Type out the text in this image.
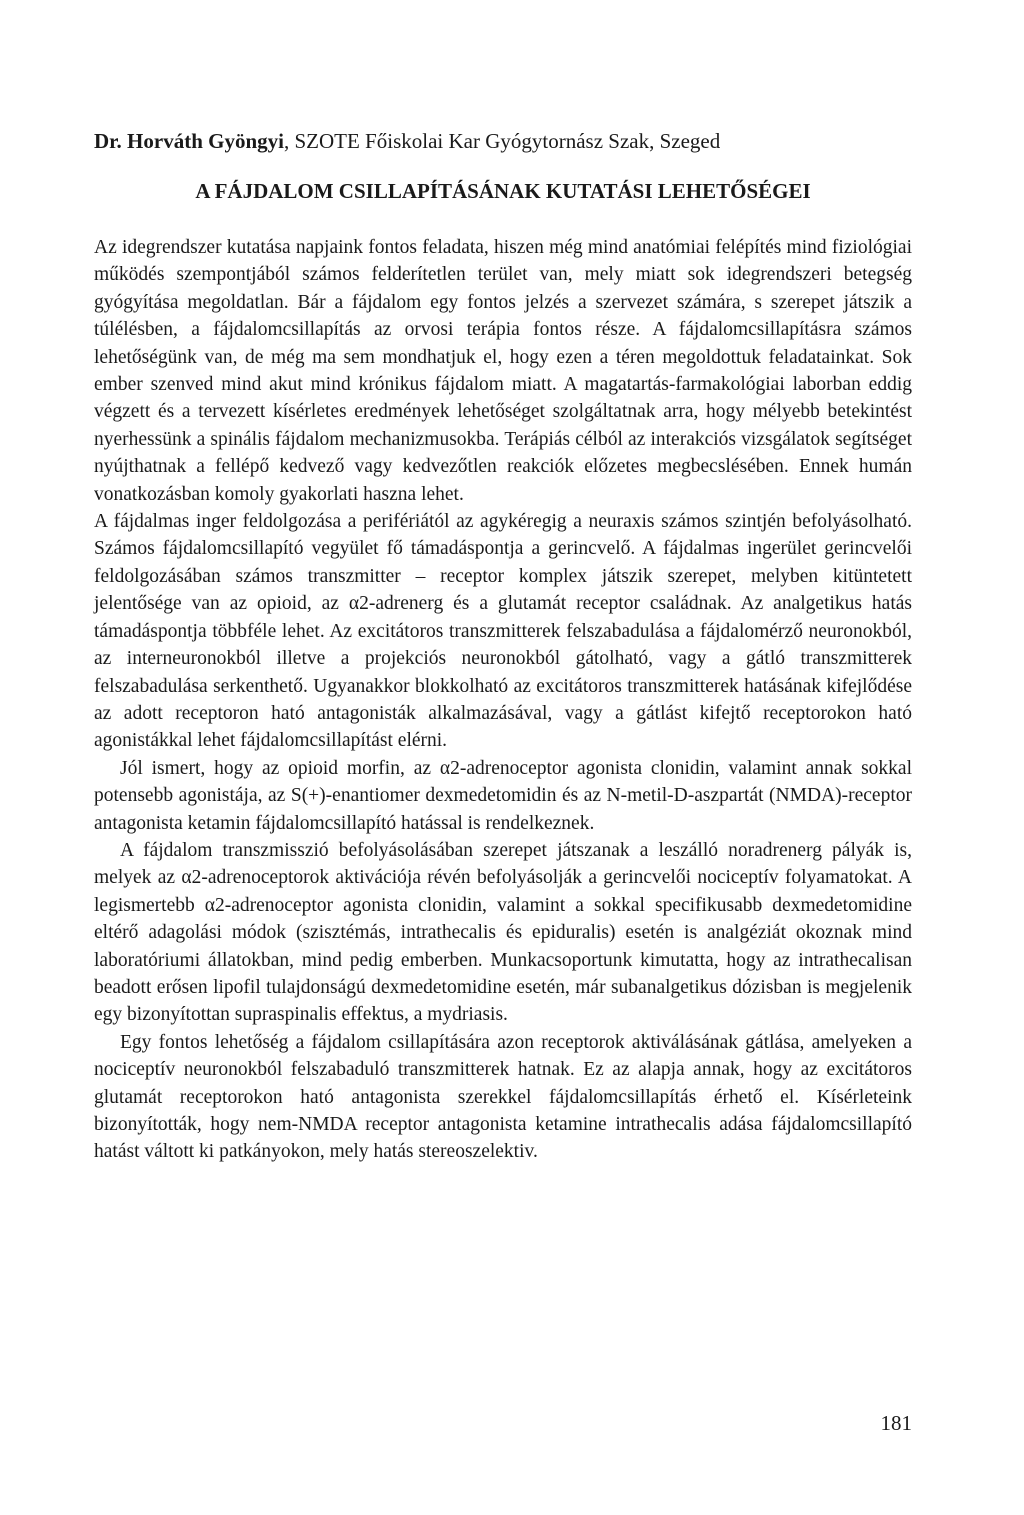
Dr. Horváth Gyöngyi, SZOTE Főiskolai Kar Gyógytornász Szak, Szeged
A FÁJDALOM CSILLAPÍTÁSÁNAK KUTATÁSI LEHETŐSÉGEI

Az idegrendszer kutatása napjaink fontos feladata, hiszen még mind anatómiai felépítés mind fiziológiai működés szempontjából számos felderítetlen terület van, mely miatt sok idegrendszeri betegség gyógyítása megoldatlan. Bár a fájdalom egy fontos jelzés a szervezet számára, s szerepet játszik a túlélésben, a fájdalomcsillapítás az orvosi terápia fontos része. A fájdalomcsillapításra számos lehetőségünk van, de még ma sem mondhatjuk el, hogy ezen a téren megoldottuk feladatainkat. Sok ember szenved mind akut mind krónikus fájdalom miatt. A magatartás-farmakológiai laborban eddig végzett és a tervezett kísérletes eredmények lehetőséget szolgáltatnak arra, hogy mélyebb betekintést nyerhessünk a spinális fájdalom mechanizmusokba. Terápiás célból az interakciós vizsgálatok segítséget nyújthatnak a fellépő kedvező vagy kedvezőtlen reakciók előzetes megbecslésében. Ennek humán vonatkozásban komoly gyakorlati haszna lehet.

A fájdalmas inger feldolgozása a perifériától az agykéregig a neuraxis számos szintjén befolyásolható. Számos fájdalomcsillapító vegyület fő támadáspontja a gerincvelő. A fájdalmas ingerület gerincvelői feldolgozásában számos transzmitter – receptor komplex játszik szerepet, melyben kitüntetett jelentősége van az opioid, az α2-adrenerg és a glutamát receptor családnak. Az analgetikus hatás támadáspontja többféle lehet. Az excitátoros transzmitterek felszabadulása a fájdalomérző neuronokból, az interneuronokból illetve a projekciós neuronokból gátolható, vagy a gátló transzmitterek felszabadulása serkenthető. Ugyanakkor blokkolható az excitátoros transzmitterek hatásának kifejlődése az adott receptoron ható antagonisták alkalmazásával, vagy a gátlást kifejtő receptorokon ható agonistákkal lehet fájdalomcsillapítást elérni.

Jól ismert, hogy az opioid morfin, az α2-adrenoceptor agonista clonidin, valamint annak sokkal potensebb agonistája, az S(+)-enantiomer dexmedetomidin és az N-metil-D-aszpartát (NMDA)-receptor antagonista ketamin fájdalomcsillapító hatással is rendelkeznek.

A fájdalom transzmisszió befolyásolásában szerepet játszanak a leszálló noradrenerg pályák is, melyek az α2-adrenoceptorok aktivációja révén befolyásolják a gerincvelői nociceptív folyamatokat. A legismertebb α2-adrenoceptor agonista clonidin, valamint a sokkal specifikusabb dexmedetomidine eltérő adagolási módok (szisztémás, intrathecalis és epiduralis) esetén is analgéziát okoznak mind laboratóriumi állatokban, mind pedig emberben. Munkacsoportunk kimutatta, hogy az intrathecalisan beadott erősen lipofil tulajdonságú dexmedetomidine esetén, már subanalgetikus dózisban is megjelenik egy bizonyítottan supraspinalis effektus, a mydriasis.

Egy fontos lehetőség a fájdalom csillapítására azon receptorok aktiválásának gátlása, amelyeken a nociceptív neuronokból felszabaduló transzmitterek hatnak. Ez az alapja annak, hogy az excitátoros glutamát receptorokon ható antagonista szerekkel fájdalomcsillapítás érhető el. Kísérleteink bizonyították, hogy nem-NMDA receptor antagonista ketamine intrathecalis adása fájdalomcsillapító hatást váltott ki patkányokon, mely hatás stereoszelektiv.

181
